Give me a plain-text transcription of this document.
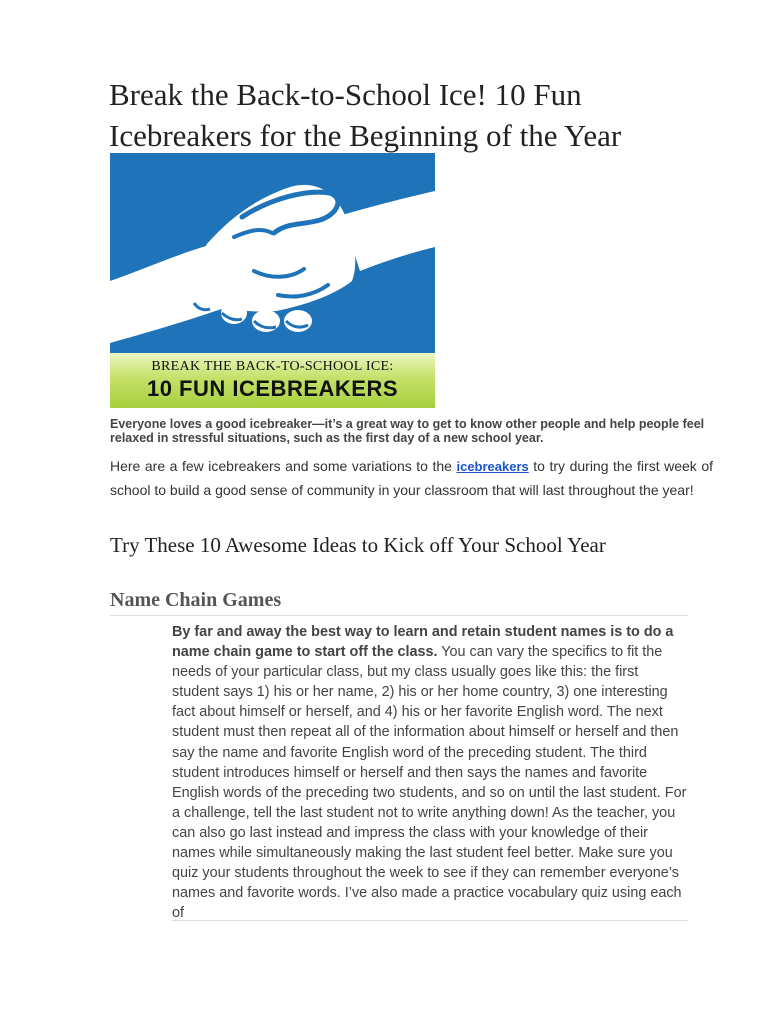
Break the Back-to-School Ice! 10 Fun Icebreakers for the Beginning of the Year
BREAK THE BACK-TO-SCHOOL ICE:
10 FUN ICEBREAKERS

Everyone loves a good icebreaker—it’s a great way to get to know other people and help people feel relaxed in stressful situations, such as the first day of a new school year.

Here are a few icebreakers and some variations to the icebreakers to try during the first week of school to build a good sense of community in your classroom that will last throughout the year!

Try These 10 Awesome Ideas to Kick off Your School Year
Name Chain Games

By far and away the best way to learn and retain student names is to do a name chain game to start off the class. You can vary the specifics to fit the needs of your particular class, but my class usually goes like this: the first student says 1) his or her name, 2) his or her home country, 3) one interesting fact about himself or herself, and 4) his or her favorite English word. The next student must then repeat all of the information about himself or herself and then say the name and favorite English word of the preceding student. The third student introduces himself or herself and then says the names and favorite English words of the preceding two students, and so on until the last student. For a challenge, tell the last student not to write anything down! As the teacher, you can also go last instead and impress the class with your knowledge of their names while simultaneously making the last student feel better. Make sure you quiz your students throughout the week to see if they can remember everyone’s names and favorite words. I’ve also made a practice vocabulary quiz using each of
